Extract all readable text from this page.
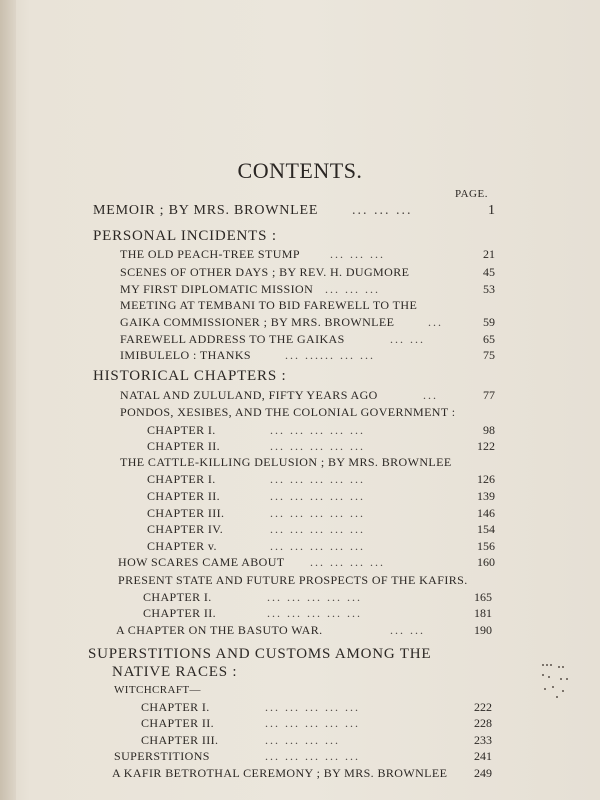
CONTENTS.
PAGE.
MEMOIR ; BY MRS. BROWNLEE ... ... ...	1
PERSONAL INCIDENTS :
THE OLD PEACH-TREE STUMP	... ... ...	21
SCENES OF OTHER DAYS ; BY REV. H. DUGMORE	45
MY FIRST DIPLOMATIC MISSION ... ... ...	53
MEETING AT TEMBANI TO BID FAREWELL TO THE
GAIKA COMMISSIONER ; BY MRS. BROWNLEE	...	59
FAREWELL ADDRESS TO THE GAIKAS	... ...	65
IMIBULELO : THANKS	... ...... ... ...	75
HISTORICAL CHAPTERS :
NATAL AND ZULULAND, FIFTY YEARS AGO	...	77
PONDOS, XESIBES, AND THE COLONIAL GOVERNMENT :
CHAPTER I.	... ... ... ... ...	98
CHAPTER II.	... ... ... ... ...	122
THE CATTLE-KILLING DELUSION ; BY MRS. BROWNLEE
CHAPTER I.	... ... ... ... ...	126
CHAPTER II.	... ... ... ... ...	139
CHAPTER III.	... ... ... ... ...	146
CHAPTER IV.	... ... ... ... ...	154
CHAPTER v.	... ... ... ... ...	156
HOW SCARES CAME ABOUT ... ... ... ...	160
PRESENT STATE AND FUTURE PROSPECTS OF THE KAFIRS.
CHAPTER I.	... ... ... ... ...	165
CHAPTER II.	... ... ... ... ...	181
A CHAPTER ON THE BASUTO WAR.	... ...	190
SUPERSTITIONS AND CUSTOMS AMONG THE
NATIVE RACES :
WITCHCRAFT—
CHAPTER I.	... ... ... ... ...	222
CHAPTER II.	... ... ... ... ...	228
CHAPTER III.	... ... ... ...	233
SUPERSTITIONS	... ... ... ... ...	241
A KAFIR BETROTHAL CEREMONY ; BY MRS. BROWNLEE	249
